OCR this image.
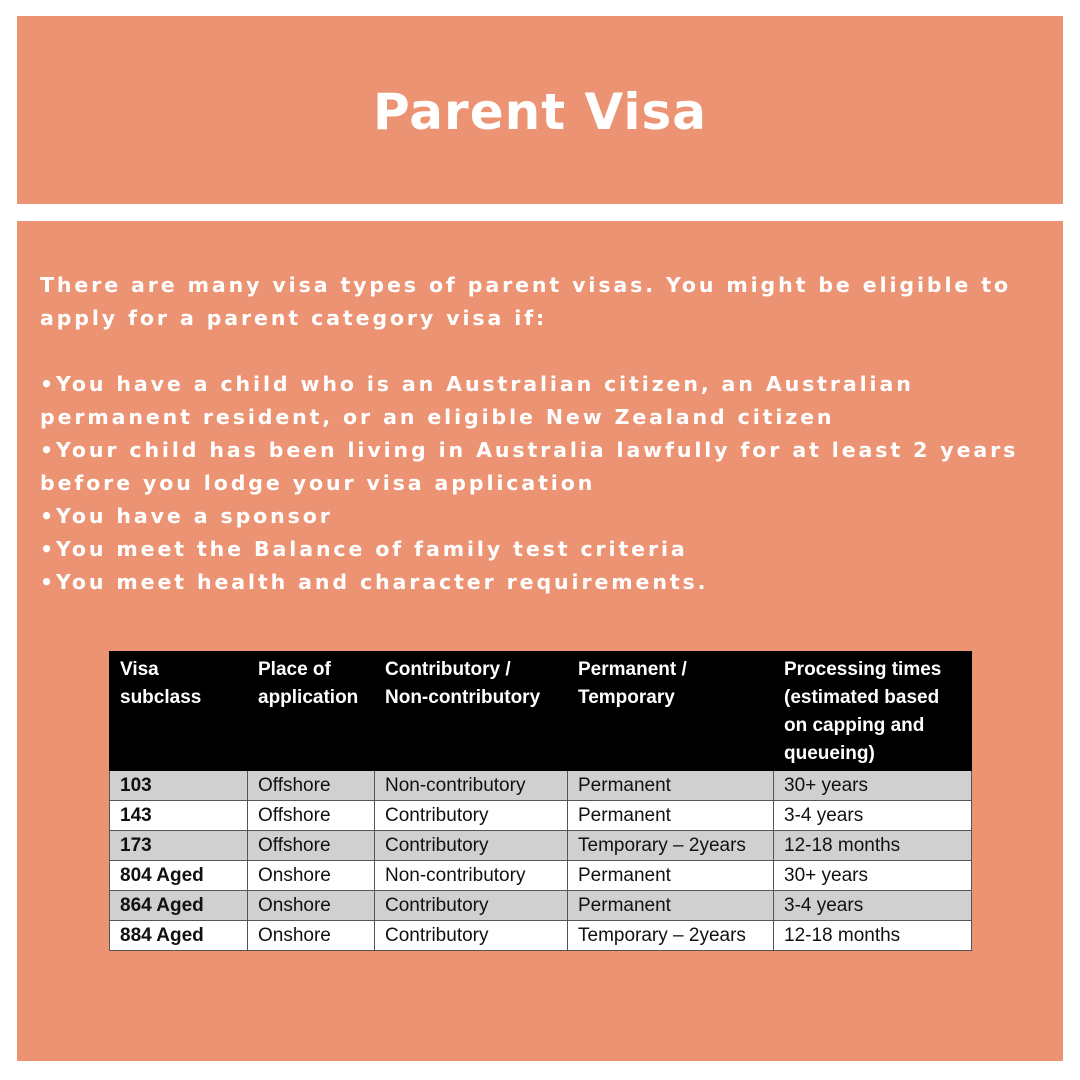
Parent Visa

There are many visa types of parent visas. You might be eligible to apply for a parent category visa if:

•You have a child who is an Australian citizen, an Australian permanent resident, or an eligible New Zealand citizen
•Your child has been living in Australia lawfully for at least 2 years before you lodge your visa application
•You have a sponsor
•You meet the Balance of family test criteria
•You meet health and character requirements.
Visa subclass	Place of application	Contributory / Non-contributory	Permanent / Temporary	Processing times (estimated based on capping and queueing)
103	Offshore	Non-contributory	Permanent	30+ years
143	Offshore	Contributory	Permanent	3-4 years
173	Offshore	Contributory	Temporary – 2years	12-18 months
804 Aged	Onshore	Non-contributory	Permanent	30+ years
864 Aged	Onshore	Contributory	Permanent	3-4 years
884 Aged	Onshore	Contributory	Temporary – 2years	12-18 months
